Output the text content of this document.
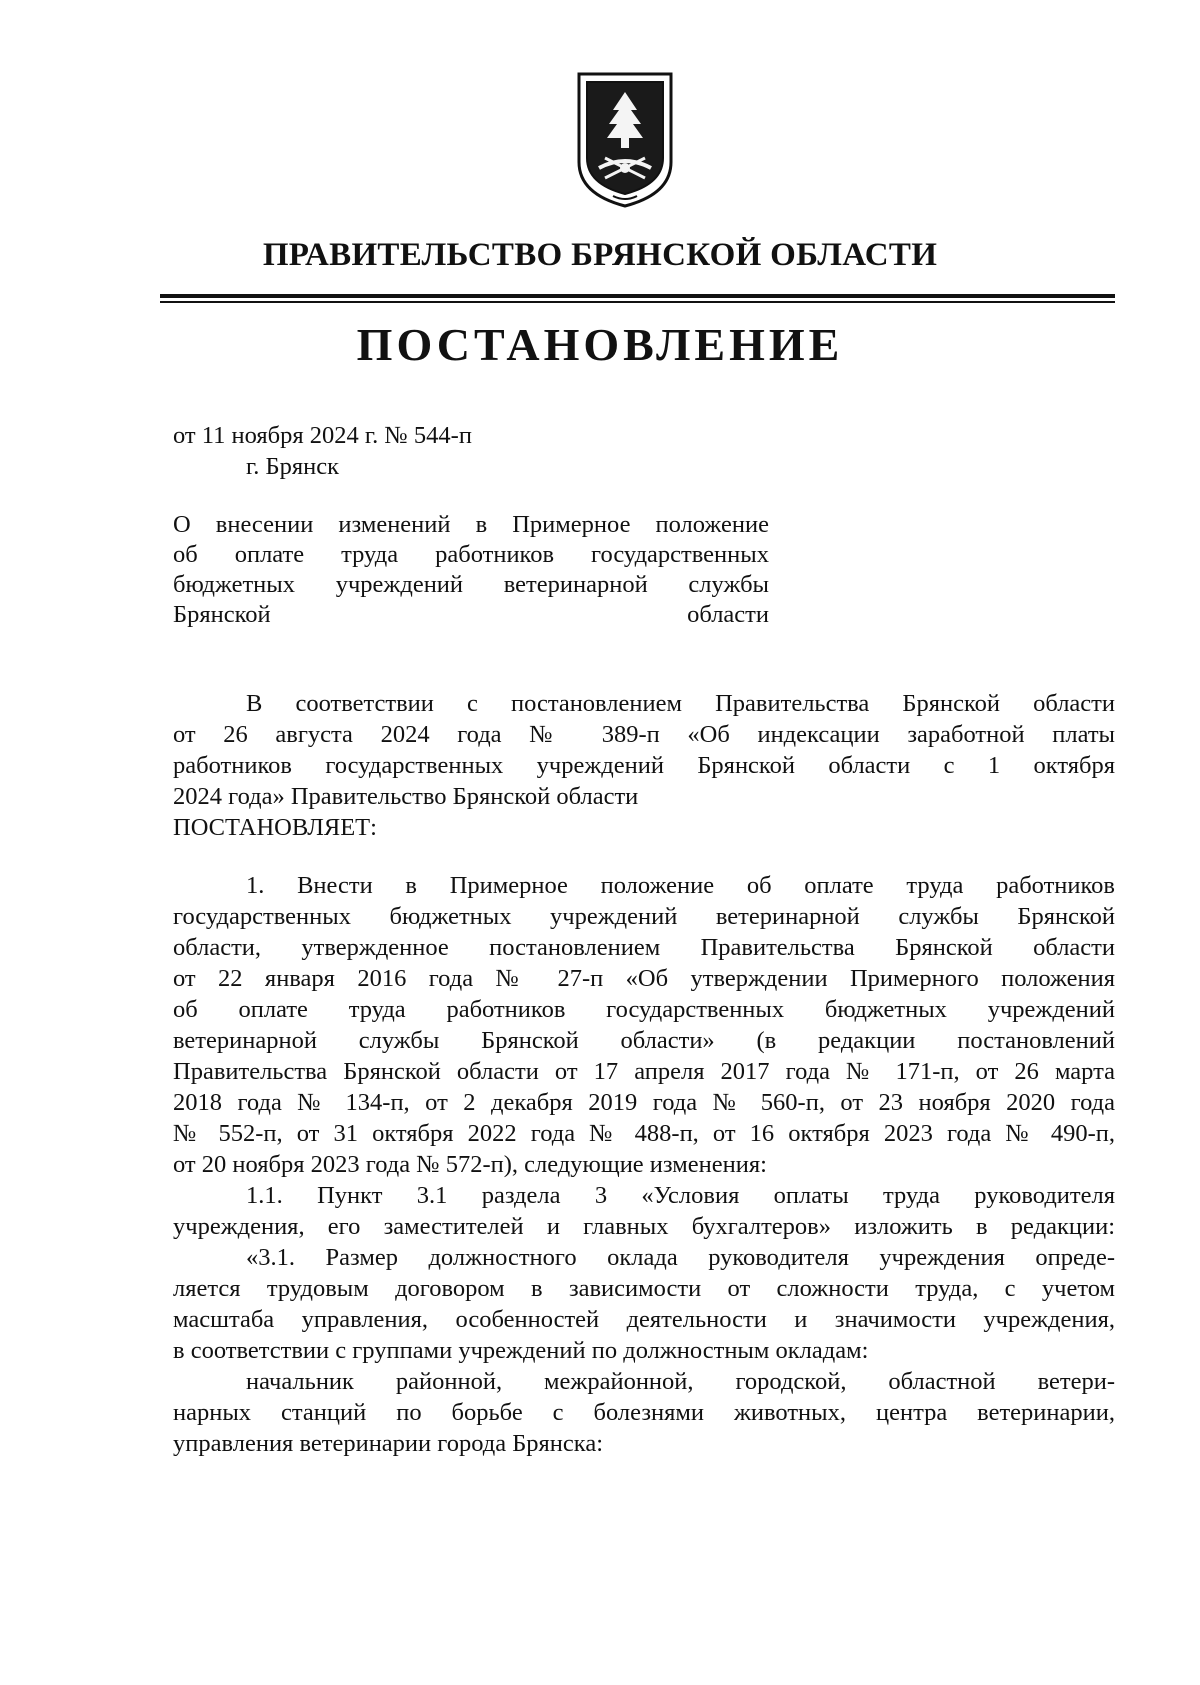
ПРАВИТЕЛЬСТВО БРЯНСКОЙ ОБЛАСТИ
ПОСТАНОВЛЕНИЕ
от 11 ноября 2024 г. № 544-п
г. Брянск
О внесении изменений в Примерное положение
об оплате труда работников государственных
бюджетных учреждений ветеринарной службы
Брянской области
В соответствии с постановлением Правительства Брянской области
от 26 августа 2024 года № 389-п «Об индексации заработной платы
работников государственных учреждений Брянской области с 1 октября
2024 года» Правительство Брянской области
ПОСТАНОВЛЯЕТ:
1. Внести в Примерное положение об оплате труда работников
государственных бюджетных учреждений ветеринарной службы Брянской
области, утвержденное постановлением Правительства Брянской области
от 22 января 2016 года № 27-п «Об утверждении Примерного положения
об оплате труда работников государственных бюджетных учреждений
ветеринарной службы Брянской области» (в редакции постановлений
Правительства Брянской области от 17 апреля 2017 года № 171-п, от 26 марта
2018 года № 134-п, от 2 декабря 2019 года № 560-п, от 23 ноября 2020 года
№ 552-п, от 31 октября 2022 года № 488-п, от 16 октября 2023 года № 490-п,
от 20 ноября 2023 года № 572-п), следующие изменения:
1.1. Пункт 3.1 раздела 3 «Условия оплаты труда руководителя
учреждения, его заместителей и главных бухгалтеров» изложить в редакции:
«3.1. Размер должностного оклада руководителя учреждения опреде-
ляется трудовым договором в зависимости от сложности труда, с учетом
масштаба управления, особенностей деятельности и значимости учреждения,
в соответствии с группами учреждений по должностным окладам:
начальник районной, межрайонной, городской, областной ветери-
нарных станций по борьбе с болезнями животных, центра ветеринарии,
управления ветеринарии города Брянска:
